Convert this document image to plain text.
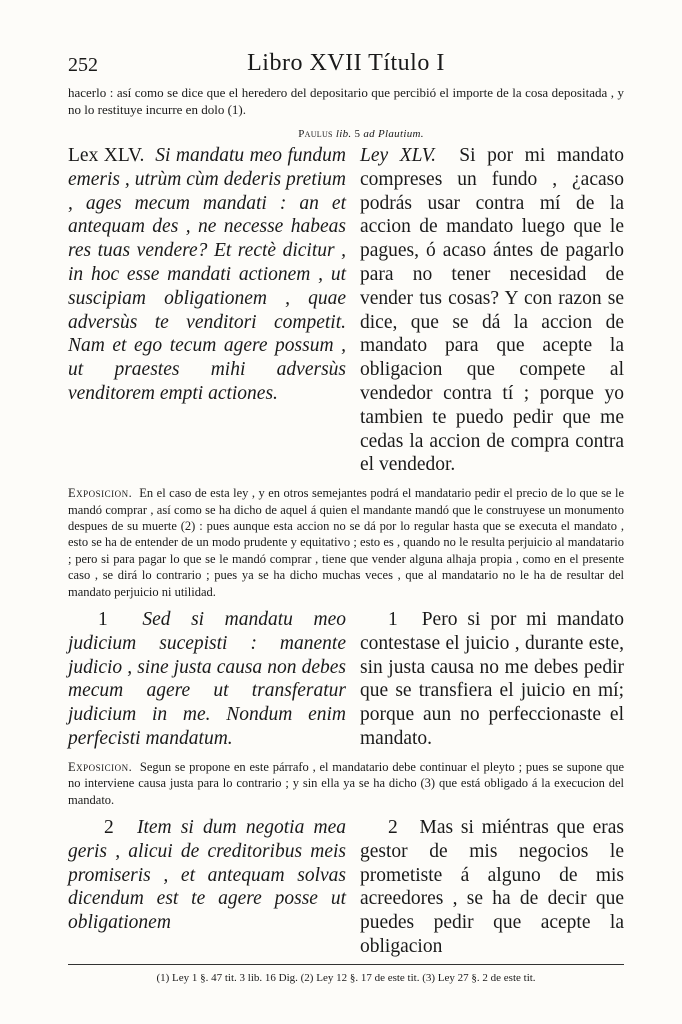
252	Libro XVII Título I

hacerlo : así como se dice que el heredero del depositario que percibió el importe de la cosa depositada , y no lo restituye incurre en dolo (1).

Paulus lib. 5 ad Plautium.
Lex XLV. Si mandatu meo fundum emeris , utrùm cùm dederis pretium , ages mecum mandati : an et antequam des , ne necesse habeas res tuas vendere? Et rectè dicitur , in hoc esse mandati actionem , ut suscipiam obligationem , quae adversùs te venditori competit. Nam et ego tecum agere possum , ut praestes mihi adversùs venditorem empti actiones.
Ley XLV. Si por mi mandato compreses un fundo , ¿acaso podrás usar contra mí de la accion de mandato luego que le pagues, ó acaso ántes de pagarlo para no tener necesidad de vender tus cosas? Y con razon se dice, que se dá la accion de mandato para que acepte la obligacion que compete al vendedor contra tí ; porque yo tambien te puedo pedir que me cedas la accion de compra contra el vendedor.

Exposicion. En el caso de esta ley , y en otros semejantes podrá el mandatario pedir el precio de lo que se le mandó comprar , así como se ha dicho de aquel á quien el mandante mandó que le construyese un monumento despues de su muerte (2) : pues aunque esta accion no se dá por lo regular hasta que se executa el mandato , esto se ha de entender de un modo prudente y equitativo ; esto es , quando no le resulta perjuicio al mandatario ; pero si para pagar lo que se le mandó comprar , tiene que vender alguna alhaja propia , como en el presente caso , se dirá lo contrario ; pues ya se ha dicho muchas veces , que al mandatario no le ha de resultar del mandato perjuicio ni utilidad.

1 Sed si mandatu meo judicium sucepisti : manente judicio , sine justa causa non debes mecum agere ut transferatur judicium in me. Nondum enim perfecisti mandatum.
1 Pero si por mi mandato contestase el juicio , durante este, sin justa causa no me debes pedir que se transfiera el juicio en mí; porque aun no perfeccionaste el mandato.

Exposicion. Segun se propone en este párrafo , el mandatario debe continuar el pleyto ; pues se supone que no interviene causa justa para lo contrario ; y sin ella ya se ha dicho (3) que está obligado á la execucion del mandato.

2 Item si dum negotia mea geris , alicui de creditoribus meis promiseris , et antequam solvas dicendum est te agere posse ut obligationem
2 Mas si miéntras que eras gestor de mis negocios le prometiste á alguno de mis acreedores , se ha de decir que puedes pedir que acepte la obligacion
(1) Ley 1 §. 47 tit. 3 lib. 16 Dig. (2) Ley 12 §. 17 de este tit. (3) Ley 27 §. 2 de este tit.
